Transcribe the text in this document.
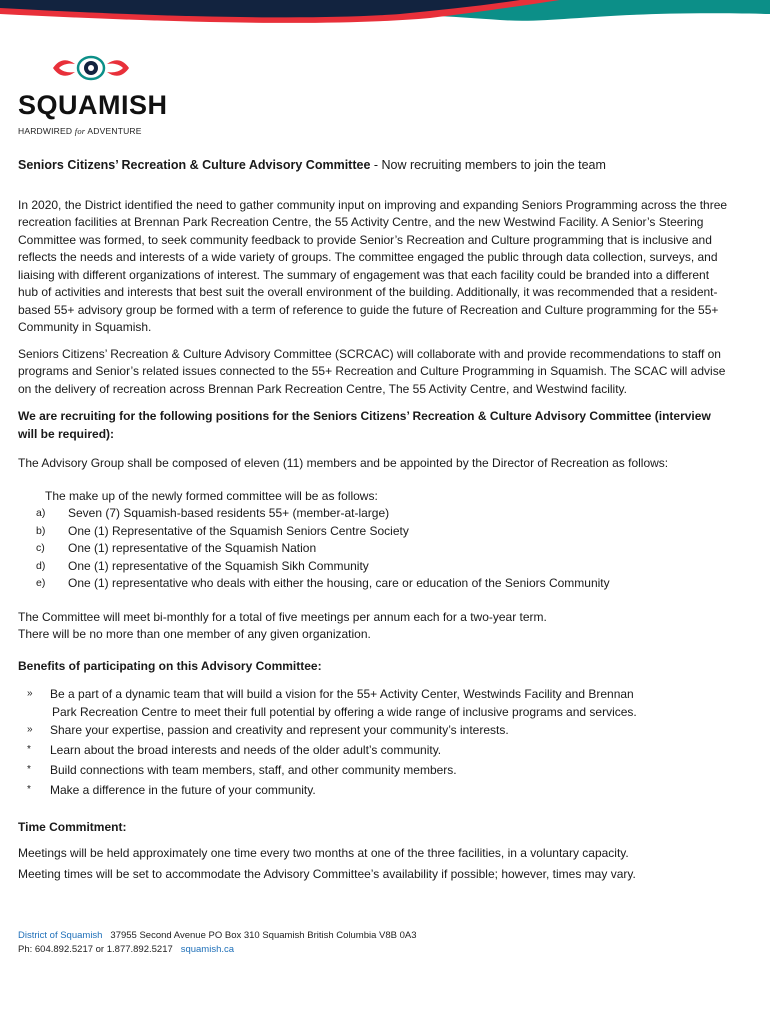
SQUAMISH
HARDWIRED for ADVENTURE
Seniors Citizens’ Recreation & Culture Advisory Committee - Now recruiting members to join the team

In 2020, the District identified the need to gather community input on improving and expanding Seniors Programming across the three recreation facilities at Brennan Park Recreation Centre, the 55 Activity Centre, and the new Westwind Facility. A Senior’s Steering Committee was formed, to seek community feedback to provide Senior’s Recreation and Culture programming that is inclusive and reflects the needs and interests of a wide variety of groups. The committee engaged the public through data collection, surveys, and liaising with different organizations of interest. The summary of engagement was that each facility could be branded into a different hub of activities and interests that best suit the overall environment of the building. Additionally, it was recommended that a resident-based 55+ advisory group be formed with a term of reference to guide the future of Recreation and Culture programming for the 55+ Community in Squamish.

Seniors Citizens’ Recreation & Culture Advisory Committee (SCRCAC) will collaborate with and provide recommendations to staff on programs and Senior’s related issues connected to the 55+ Recreation and Culture Programming in Squamish. The SCAC will advise on the delivery of recreation across Brennan Park Recreation Centre, The 55 Activity Centre, and Westwind facility.

We are recruiting for the following positions for the Seniors Citizens’ Recreation & Culture Advisory Committee (interview will be required):

The Advisory Group shall be composed of eleven (11) members and be appointed by the Director of Recreation as follows:

The make up of the newly formed committee will be as follows:
a) Seven (7) Squamish-based residents 55+ (member-at-large)
b) One (1) Representative of the Squamish Seniors Centre Society
c) One (1) representative of the Squamish Nation
d) One (1) representative of the Squamish Sikh Community
e) One (1) representative who deals with either the housing, care or education of the Seniors Community
The Committee will meet bi-monthly for a total of five meetings per annum each for a two-year term.
There will be no more than one member of any given organization.

Benefits of participating on this Advisory Committee:

» Be a part of a dynamic team that will build a vision for the 55+ Activity Center, Westwinds Facility and Brennan
Park Recreation Centre to meet their full potential by offering a wide range of inclusive programs and services.
» Share your expertise, passion and creativity and represent your community’s interests.
* Learn about the broad interests and needs of the older adult’s community.
* Build connections with team members, staff, and other community members.
* Make a difference in the future of your community.

Time Commitment:

Meetings will be held approximately one time every two months at one of the three facilities, in a voluntary capacity.

Meeting times will be set to accommodate the Advisory Committee’s availability if possible; however, times may vary.

District of Squamish 37955 Second Avenue PO Box 310 Squamish British Columbia V8B 0A3
Ph: 604.892.5217 or 1.877.892.5217 squamish.ca
